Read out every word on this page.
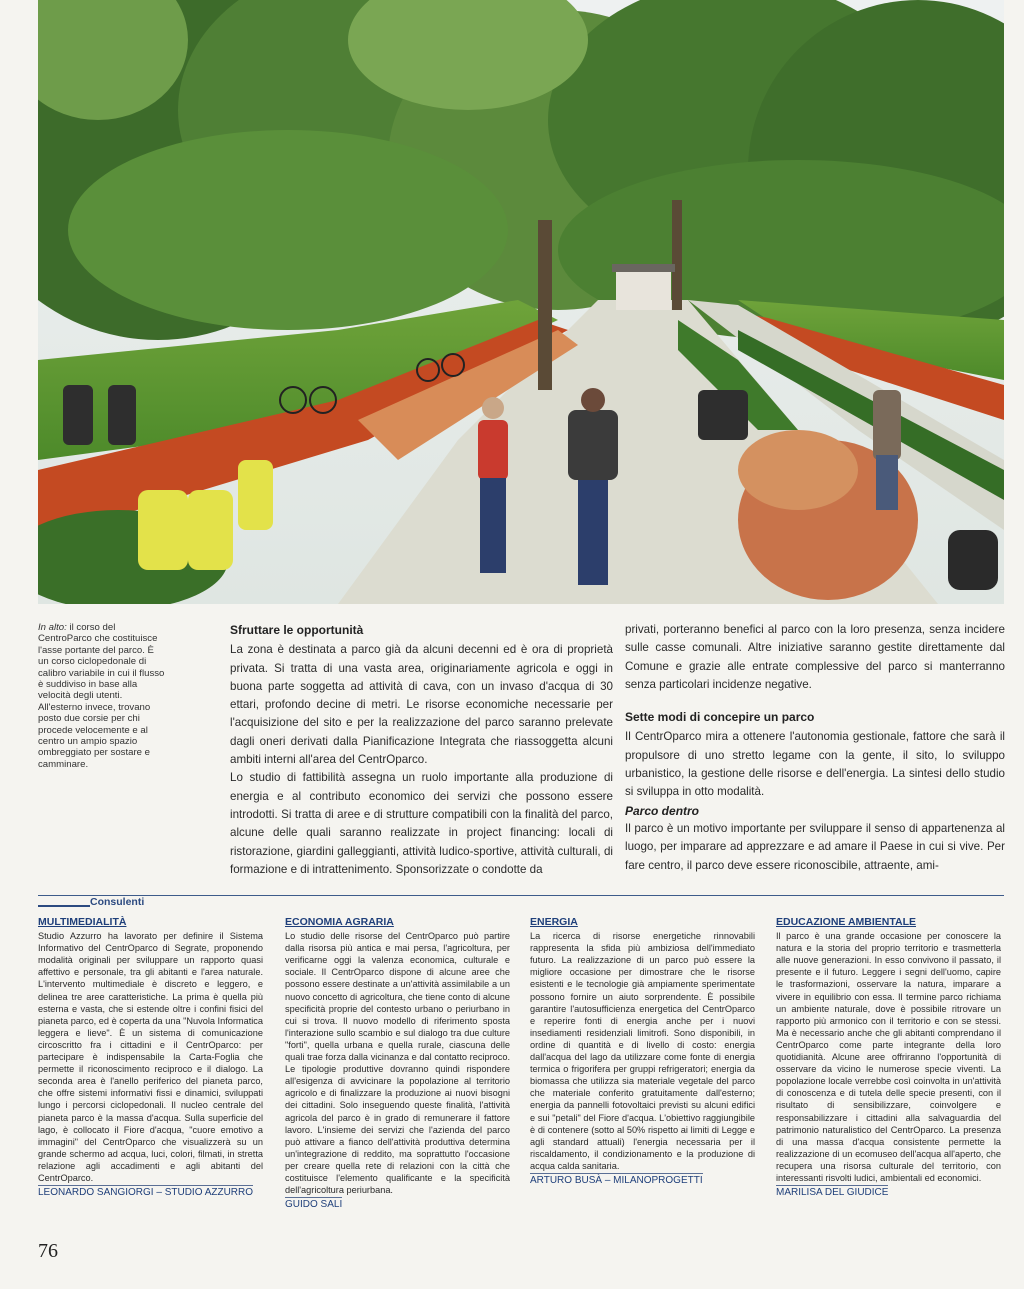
In alto: il corso del CentroParco che costituisce l'asse portante del parco. È un corso ciclopedonale di calibro variabile in cui il flusso è suddiviso in base alla velocità degli utenti. All'esterno invece, trovano posto due corsie per chi procede velocemente e al centro un ampio spazio ombreggiato per sostare e camminare.
Sfruttare le opportunità

La zona è destinata a parco già da alcuni decenni ed è ora di proprietà privata. Si tratta di una vasta area, originariamente agricola e oggi in buona parte soggetta ad attività di cava, con un invaso d'acqua di 30 ettari, profondo decine di metri. Le risorse economiche necessarie per l'acquisizione del sito e per la realizzazione del parco saranno prelevate dagli oneri derivati dalla Pianificazione Integrata che riassoggetta alcuni ambiti interni all'area del CentrOparco.

Lo studio di fattibilità assegna un ruolo importante alla produzione di energia e al contributo economico dei servizi che possono essere introdotti. Si tratta di aree e di strutture compatibili con la finalità del parco, alcune delle quali saranno realizzate in project financing: locali di ristorazione, giardini galleggianti, attività ludico-sportive, attività culturali, di formazione e di intrattenimento. Sponsorizzate o condotte da

privati, porteranno benefici al parco con la loro presenza, senza incidere sulle casse comunali. Altre iniziative saranno gestite direttamente dal Comune e grazie alle entrate complessive del parco si manterranno senza particolari incidenze negative.

Sette modi di concepire un parco

Il CentrOparco mira a ottenere l'autonomia gestionale, fattore che sarà il propulsore di uno stretto legame con la gente, il sito, lo sviluppo urbanistico, la gestione delle risorse e dell'energia. La sintesi dello studio si sviluppa in otto modalità.

Parco dentro

Il parco è un motivo importante per sviluppare il senso di appartenenza al luogo, per imparare ad apprezzare e ad amare il Paese in cui si vive. Per fare centro, il parco deve essere riconoscibile, attraente, ami-

Consulenti
MULTIMEDIALITÀ

Studio Azzurro ha lavorato per definire il Sistema Informativo del CentrOparco di Segrate, proponendo modalità originali per sviluppare un rapporto quasi affettivo e personale, tra gli abitanti e l'area naturale. L'intervento multimediale è discreto e leggero, e delinea tre aree caratteristiche. La prima è quella più esterna e vasta, che si estende oltre i confini fisici del pianeta parco, ed è coperta da una "Nuvola Informatica leggera e lieve". È un sistema di comunicazione circoscritto fra i cittadini e il CentrOparco: per partecipare è indispensabile la Carta-Foglia che permette il riconoscimento reciproco e il dialogo. La seconda area è l'anello periferico del pianeta parco, che offre sistemi informativi fissi e dinamici, sviluppati lungo i percorsi ciclopedonali. Il nucleo centrale del pianeta parco è la massa d'acqua. Sulla superficie del lago, è collocato il Fiore d'acqua, "cuore emotivo a immagini" del CentrOparco che visualizzerà su un grande schermo ad acqua, luci, colori, filmati, in stretta relazione agli accadimenti e agli abitanti del CentrOparco.

LEONARDO SANGIORGI – STUDIO AZZURRO
ECONOMIA AGRARIA

Lo studio delle risorse del CentrOparco può partire dalla risorsa più antica e mai persa, l'agricoltura, per verificarne oggi la valenza economica, culturale e sociale. Il CentrOparco dispone di alcune aree che possono essere destinate a un'attività assimilabile a un nuovo concetto di agricoltura, che tiene conto di alcune specificità proprie del contesto urbano o periurbano in cui si trova. Il nuovo modello di riferimento sposta l'interazione sullo scambio e sul dialogo tra due culture "forti", quella urbana e quella rurale, ciascuna delle quali trae forza dalla vicinanza e dal contatto reciproco. Le tipologie produttive dovranno quindi rispondere all'esigenza di avvicinare la popolazione al territorio agricolo e di finalizzare la produzione ai nuovi bisogni dei cittadini. Solo inseguendo queste finalità, l'attività agricola del parco è in grado di remunerare il fattore lavoro. L'insieme dei servizi che l'azienda del parco può attivare a fianco dell'attività produttiva determina un'integrazione di reddito, ma soprattutto l'occasione per creare quella rete di relazioni con la città che costituisce l'elemento qualificante e la specificità dell'agricoltura periurbana.

GUIDO SALI
ENERGIA

La ricerca di risorse energetiche rinnovabili rappresenta la sfida più ambiziosa dell'immediato futuro. La realizzazione di un parco può essere la migliore occasione per dimostrare che le risorse esistenti e le tecnologie già ampiamente sperimentate possono fornire un aiuto sorprendente. È possibile garantire l'autosufficienza energetica del CentrOparco e reperire fonti di energia anche per i nuovi insediamenti residenziali limitrofi. Sono disponibili, in ordine di quantità e di livello di costo: energia dall'acqua del lago da utilizzare come fonte di energia termica o frigorifera per gruppi refrigeratori; energia da biomassa che utilizza sia materiale vegetale del parco che materiale conferito gratuitamente dall'esterno; energia da pannelli fotovoltaici previsti su alcuni edifici e sui "petali" del Fiore d'acqua. L'obiettivo raggiungibile è di contenere (sotto al 50% rispetto ai limiti di Legge e agli standard attuali) l'energia necessaria per il riscaldamento, il condizionamento e la produzione di acqua calda sanitaria.

ARTURO BUSÀ – MILANOPROGETTI
EDUCAZIONE AMBIENTALE

Il parco è una grande occasione per conoscere la natura e la storia del proprio territorio e trasmetterla alle nuove generazioni. In esso convivono il passato, il presente e il futuro. Leggere i segni dell'uomo, capire le trasformazioni, osservare la natura, imparare a vivere in equilibrio con essa. Il termine parco richiama un ambiente naturale, dove è possibile ritrovare un rapporto più armonico con il territorio e con se stessi. Ma è necessario anche che gli abitanti comprendano il CentrOparco come parte integrante della loro quotidianità. Alcune aree offriranno l'opportunità di osservare da vicino le numerose specie viventi. La popolazione locale verrebbe così coinvolta in un'attività di conoscenza e di tutela delle specie presenti, con il risultato di sensibilizzare, coinvolgere e responsabilizzare i cittadini alla salvaguardia del patrimonio naturalistico del CentrOparco. La presenza di una massa d'acqua consistente permette la realizzazione di un ecomuseo dell'acqua all'aperto, che recupera una risorsa culturale del territorio, con interessanti risvolti ludici, ambientali ed economici.

MARILISA DEL GIUDICE
76
